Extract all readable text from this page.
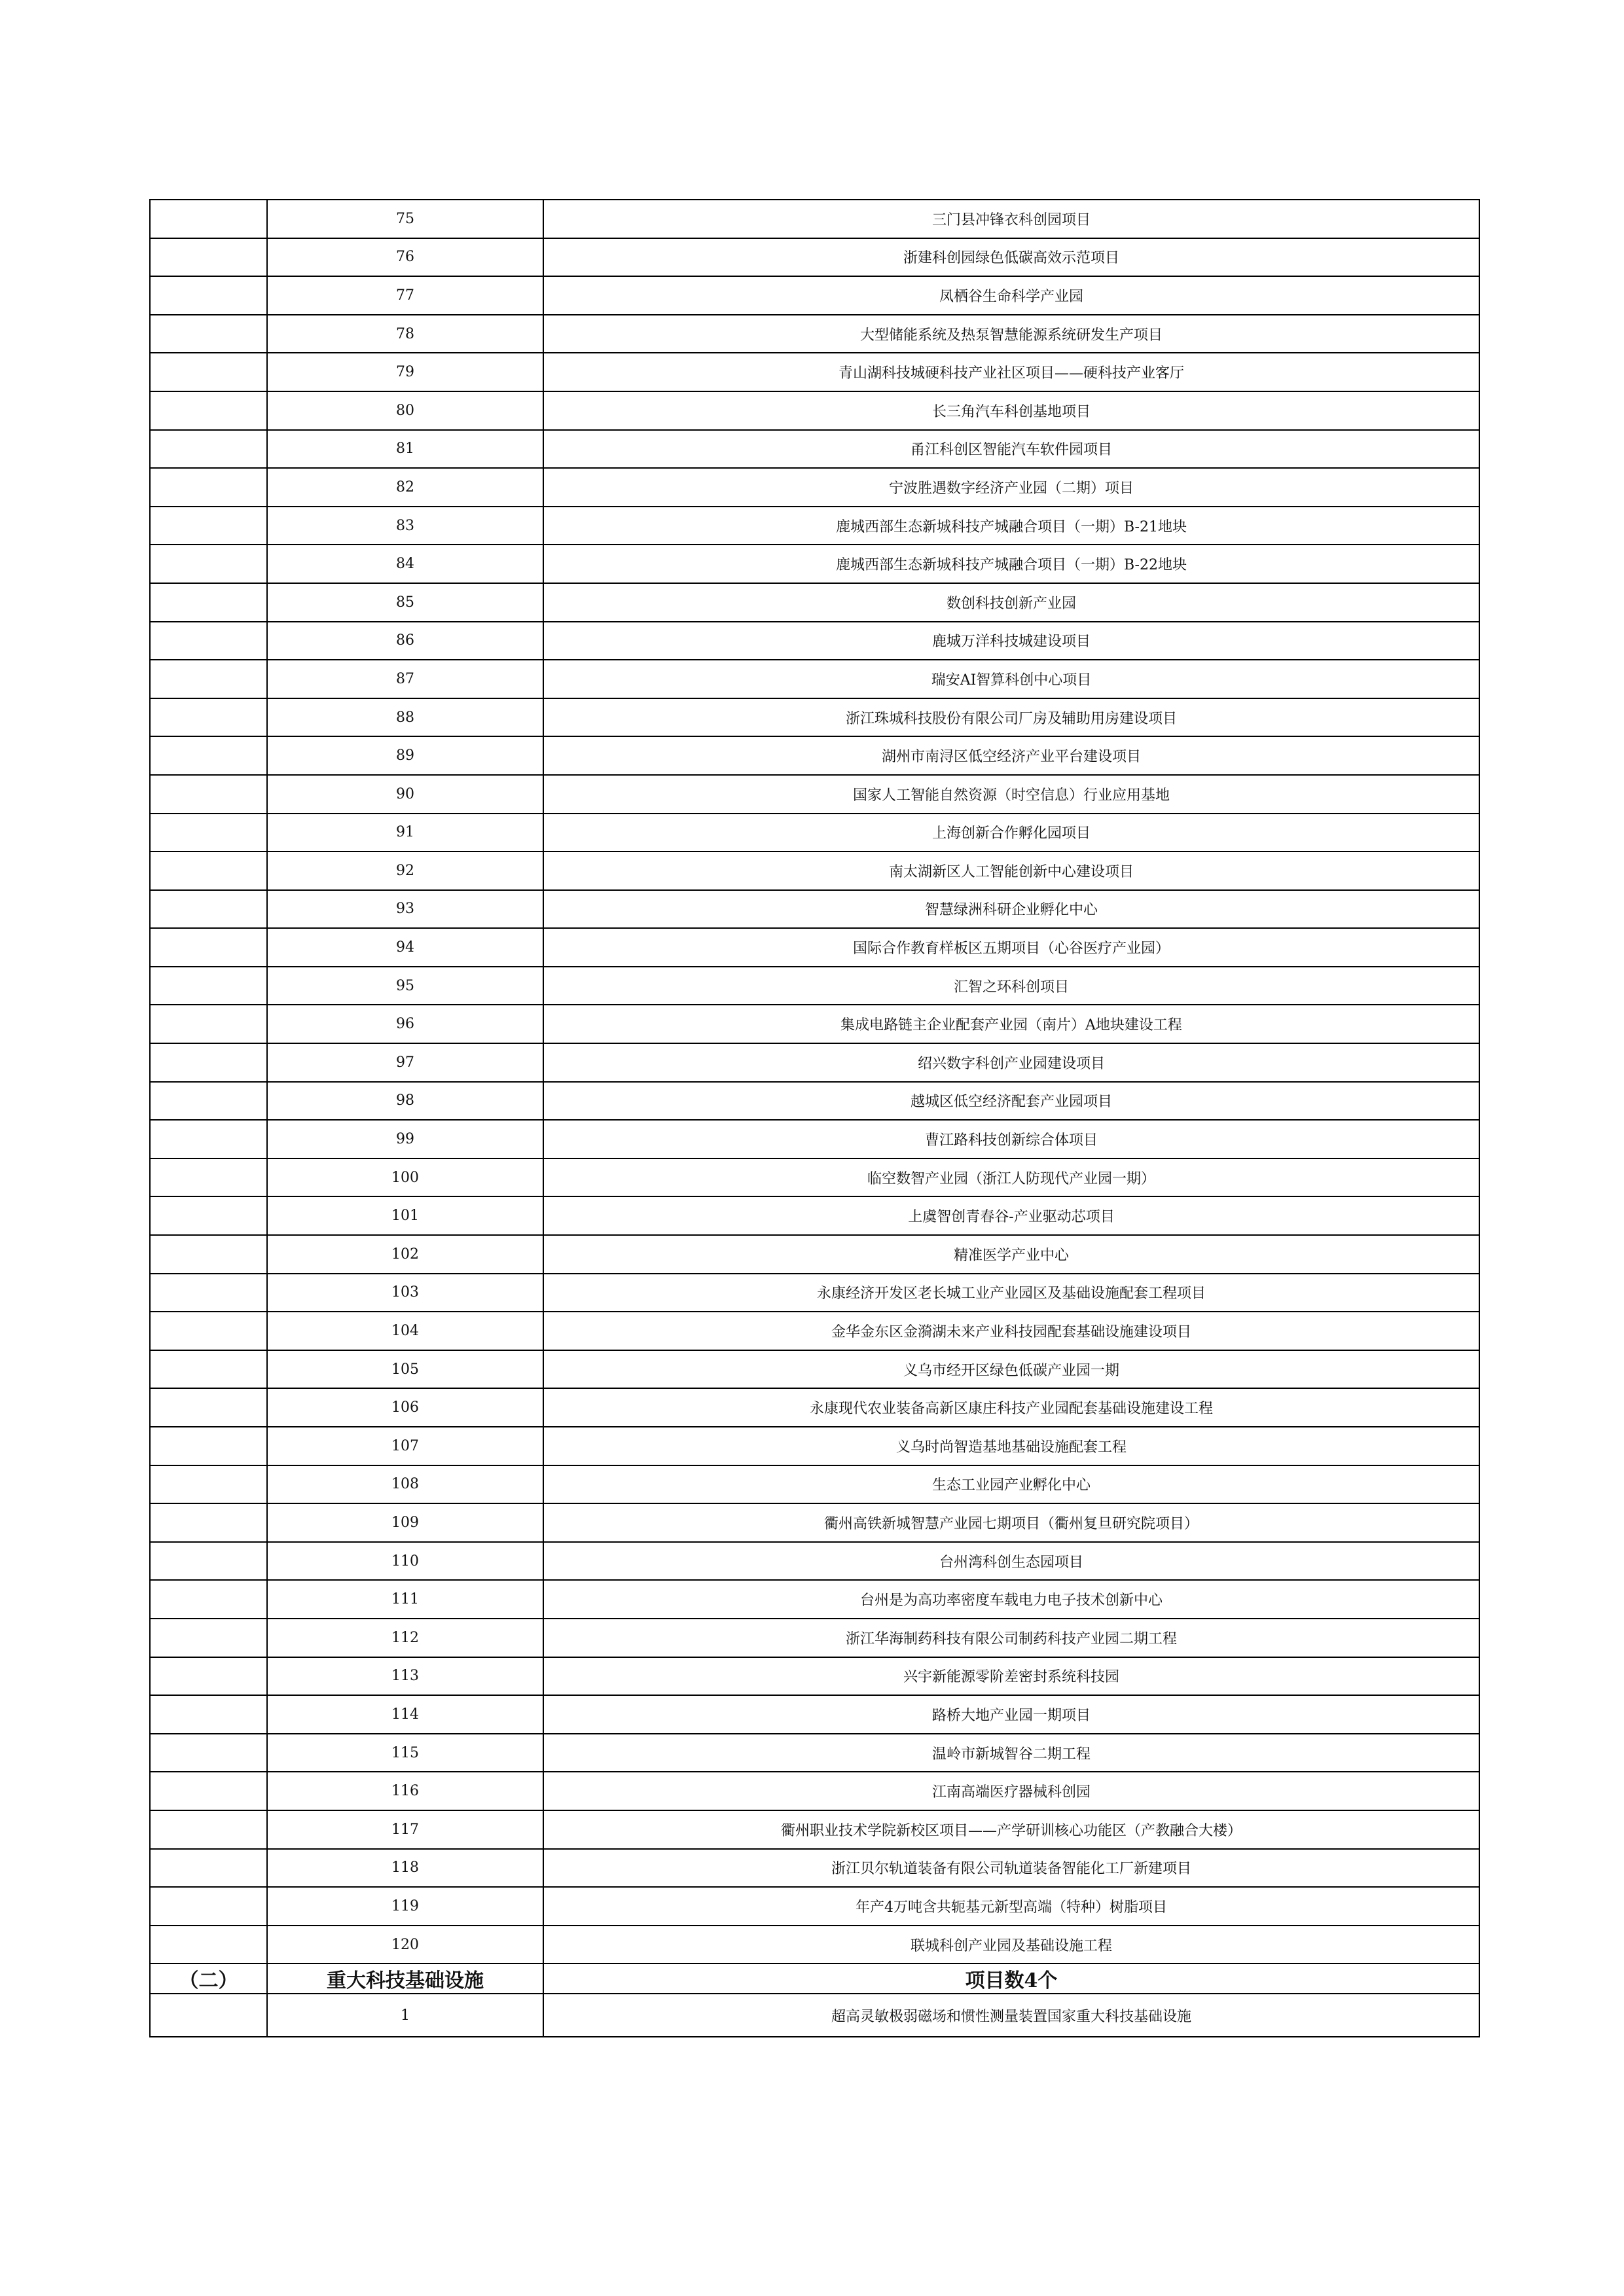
	75	三门县冲锋衣科创园项目
	76	浙建科创园绿色低碳高效示范项目
	77	凤栖谷生命科学产业园
	78	大型储能系统及热泵智慧能源系统研发生产项目
	79	青山湖科技城硬科技产业社区项目——硬科技产业客厅
	80	长三角汽车科创基地项目
	81	甬江科创区智能汽车软件园项目
	82	宁波胜遇数字经济产业园（二期）项目
	83	鹿城西部生态新城科技产城融合项目（一期）B-21地块
	84	鹿城西部生态新城科技产城融合项目（一期）B-22地块
	85	数创科技创新产业园
	86	鹿城万洋科技城建设项目
	87	瑞安AI智算科创中心项目
	88	浙江珠城科技股份有限公司厂房及辅助用房建设项目
	89	湖州市南浔区低空经济产业平台建设项目
	90	国家人工智能自然资源（时空信息）行业应用基地
	91	上海创新合作孵化园项目
	92	南太湖新区人工智能创新中心建设项目
	93	智慧绿洲科研企业孵化中心
	94	国际合作教育样板区五期项目（心谷医疗产业园）
	95	汇智之环科创项目
	96	集成电路链主企业配套产业园（南片）A地块建设工程
	97	绍兴数字科创产业园建设项目
	98	越城区低空经济配套产业园项目
	99	曹江路科技创新综合体项目
	100	临空数智产业园（浙江人防现代产业园一期）
	101	上虞智创青春谷-产业驱动芯项目
	102	精准医学产业中心
	103	永康经济开发区老长城工业产业园区及基础设施配套工程项目
	104	金华金东区金漪湖未来产业科技园配套基础设施建设项目
	105	义乌市经开区绿色低碳产业园一期
	106	永康现代农业装备高新区康庄科技产业园配套基础设施建设工程
	107	义乌时尚智造基地基础设施配套工程
	108	生态工业园产业孵化中心
	109	衢州高铁新城智慧产业园七期项目（衢州复旦研究院项目）
	110	台州湾科创生态园项目
	111	台州是为高功率密度车载电力电子技术创新中心
	112	浙江华海制药科技有限公司制药科技产业园二期工程
	113	兴宇新能源零阶差密封系统科技园
	114	路桥大地产业园一期项目
	115	温岭市新城智谷二期工程
	116	江南高端医疗器械科创园
	117	衢州职业技术学院新校区项目——产学研训核心功能区（产教融合大楼）
	118	浙江贝尔轨道装备有限公司轨道装备智能化工厂新建项目
	119	年产4万吨含共轭基元新型高端（特种）树脂项目
	120	联城科创产业园及基础设施工程
（二）	重大科技基础设施	项目数4个
	1	超高灵敏极弱磁场和惯性测量装置国家重大科技基础设施
